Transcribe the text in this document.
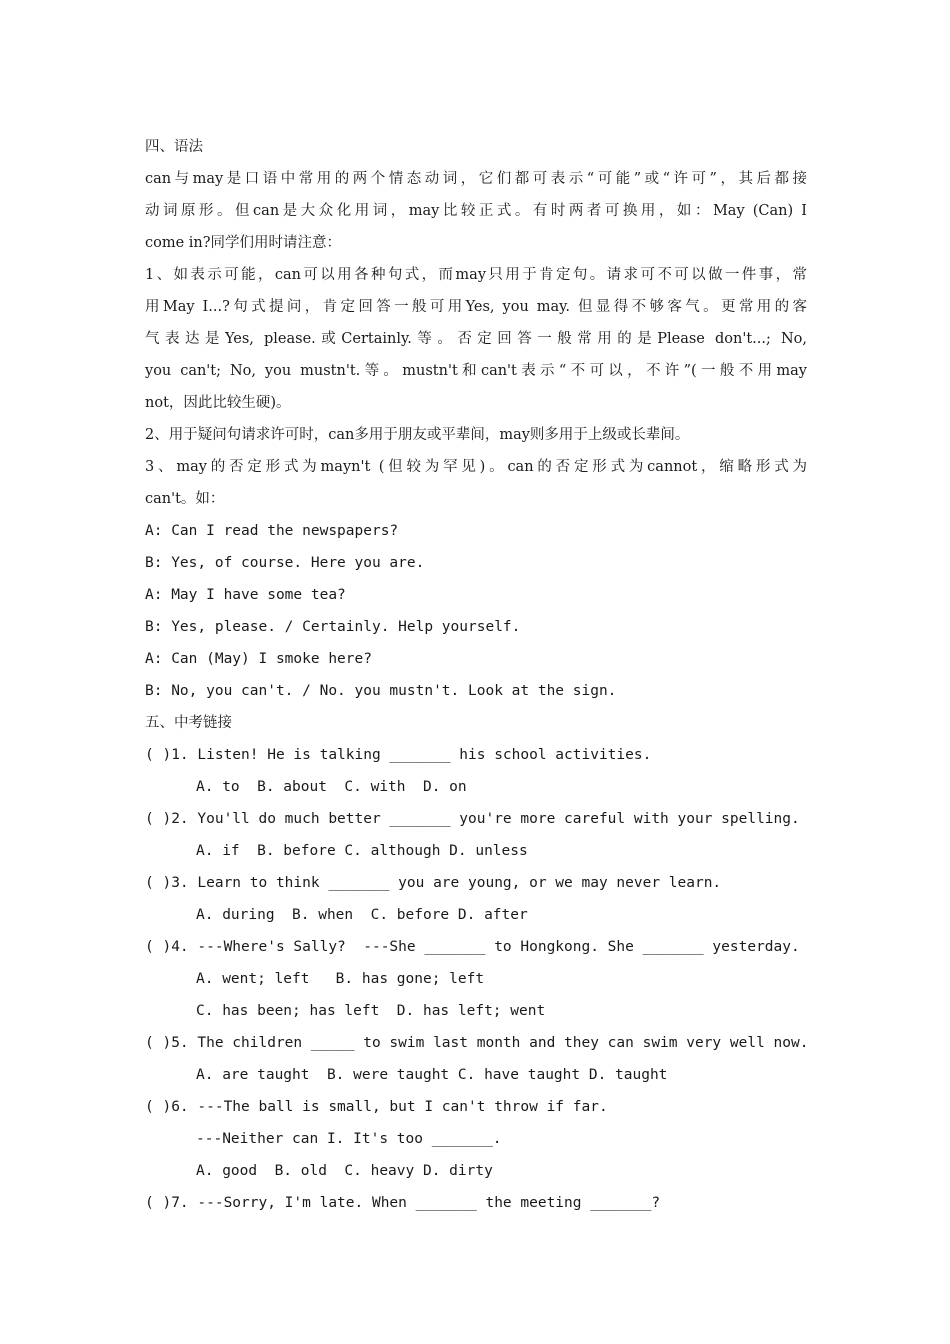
四、语法
can与may是口语中常用的两个情态动词，它们都可表示“可能”或“许可”，其后都接
动词原形。但can是大众化用词，may比较正式。有时两者可换用，如：May (Can) I
come in?同学们用时请注意：
1、如表示可能，can可以用各种句式，而may只用于肯定句。请求可不可以做一件事，常
用May I...?句式提问，肯定回答一般可用Yes, you may. 但显得不够客气。更常用的客
气表达是Yes, please.或Certainly.等。否定回答一般常用的是Please don't...; No,
you can't; No, you mustn't.等。mustn't和can't表示“不可以，不许”(一般不用may
not，因此比较生硬)。
2、用于疑问句请求许可时，can多用于朋友或平辈间，may则多用于上级或长辈间。
3、may的否定形式为mayn't (但较为罕见)。can的否定形式为cannot，缩略形式为
can't。如：
A: Can I read the newspapers?
B: Yes, of course. Here you are.
A: May I have some tea?
B: Yes, please. / Certainly. Help yourself.
A: Can (May) I smoke here?
B: No, you can't. / No. you mustn't. Look at the sign.
五、中考链接
( )1. Listen! He is talking _______ his school activities.
A. to  B. about  C. with  D. on
( )2. You'll do much better _______ you're more careful with your spelling.
A. if  B. before C. although D. unless
( )3. Learn to think _______ you are young, or we may never learn.
A. during  B. when  C. before D. after
( )4. ---Where's Sally?  ---She _______ to Hongkong. She _______ yesterday.
A. went; left   B. has gone; left
C. has been; has left  D. has left; went
( )5. The children _____ to swim last month and they can swim very well now.
A. are taught  B. were taught C. have taught D. taught
( )6. ---The ball is small, but I can't throw if far.
---Neither can I. It's too _______.
A. good  B. old  C. heavy D. dirty
( )7. ---Sorry, I'm late. When _______ the meeting _______?
